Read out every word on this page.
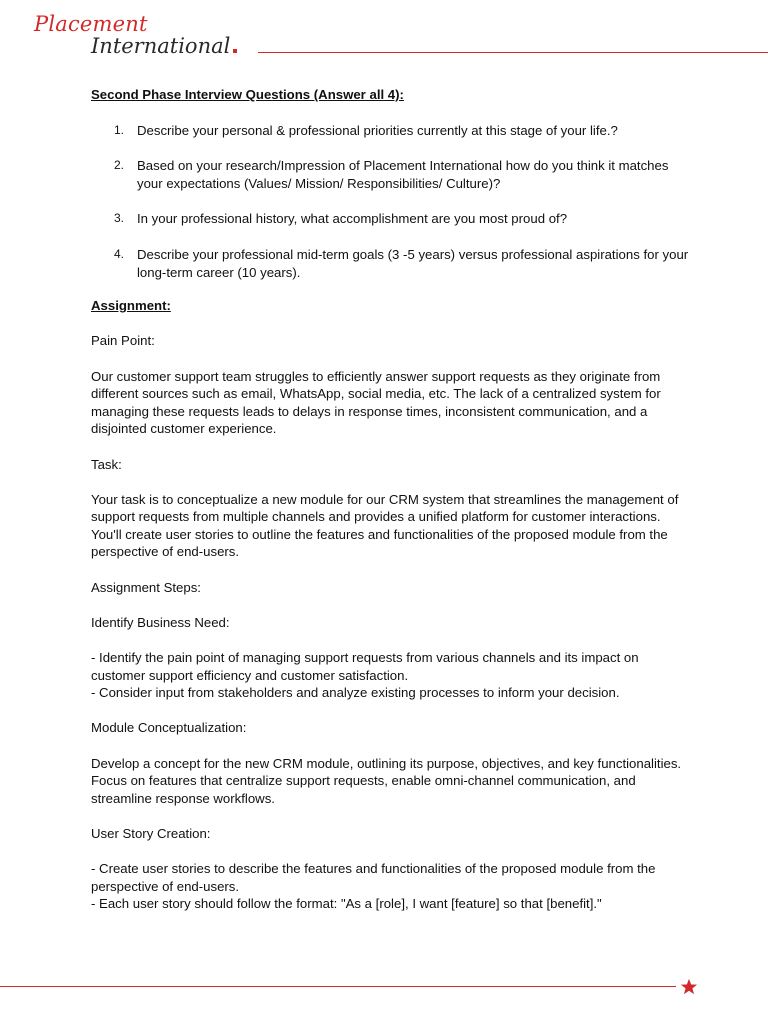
Placement
International
Second Phase Interview Questions (Answer all 4):
1. Describe your personal & professional priorities currently at this stage of your life.?
2. Based on your research/Impression of Placement International how do you think it matches your expectations (Values/ Mission/ Responsibilities/ Culture)?
3. In your professional history, what accomplishment are you most proud of?
4. Describe your professional mid-term goals (3 -5 years) versus professional aspirations for your long-term career (10 years).

Assignment:

Pain Point:

Our customer support team struggles to efficiently answer support requests as they originate from different sources such as email, WhatsApp, social media, etc. The lack of a centralized system for managing these requests leads to delays in response times, inconsistent communication, and a disjointed customer experience.

Task:

Your task is to conceptualize a new module for our CRM system that streamlines the management of support requests from multiple channels and provides a unified platform for customer interactions. You'll create user stories to outline the features and functionalities of the proposed module from the perspective of end-users.

Assignment Steps:

Identify Business Need:

- Identify the pain point of managing support requests from various channels and its impact on customer support efficiency and customer satisfaction.
- Consider input from stakeholders and analyze existing processes to inform your decision.

Module Conceptualization:

Develop a concept for the new CRM module, outlining its purpose, objectives, and key functionalities.
Focus on features that centralize support requests, enable omni-channel communication, and streamline response workflows.

User Story Creation:

- Create user stories to describe the features and functionalities of the proposed module from the perspective of end-users.
- Each user story should follow the format: "As a [role], I want [feature] so that [benefit]."
